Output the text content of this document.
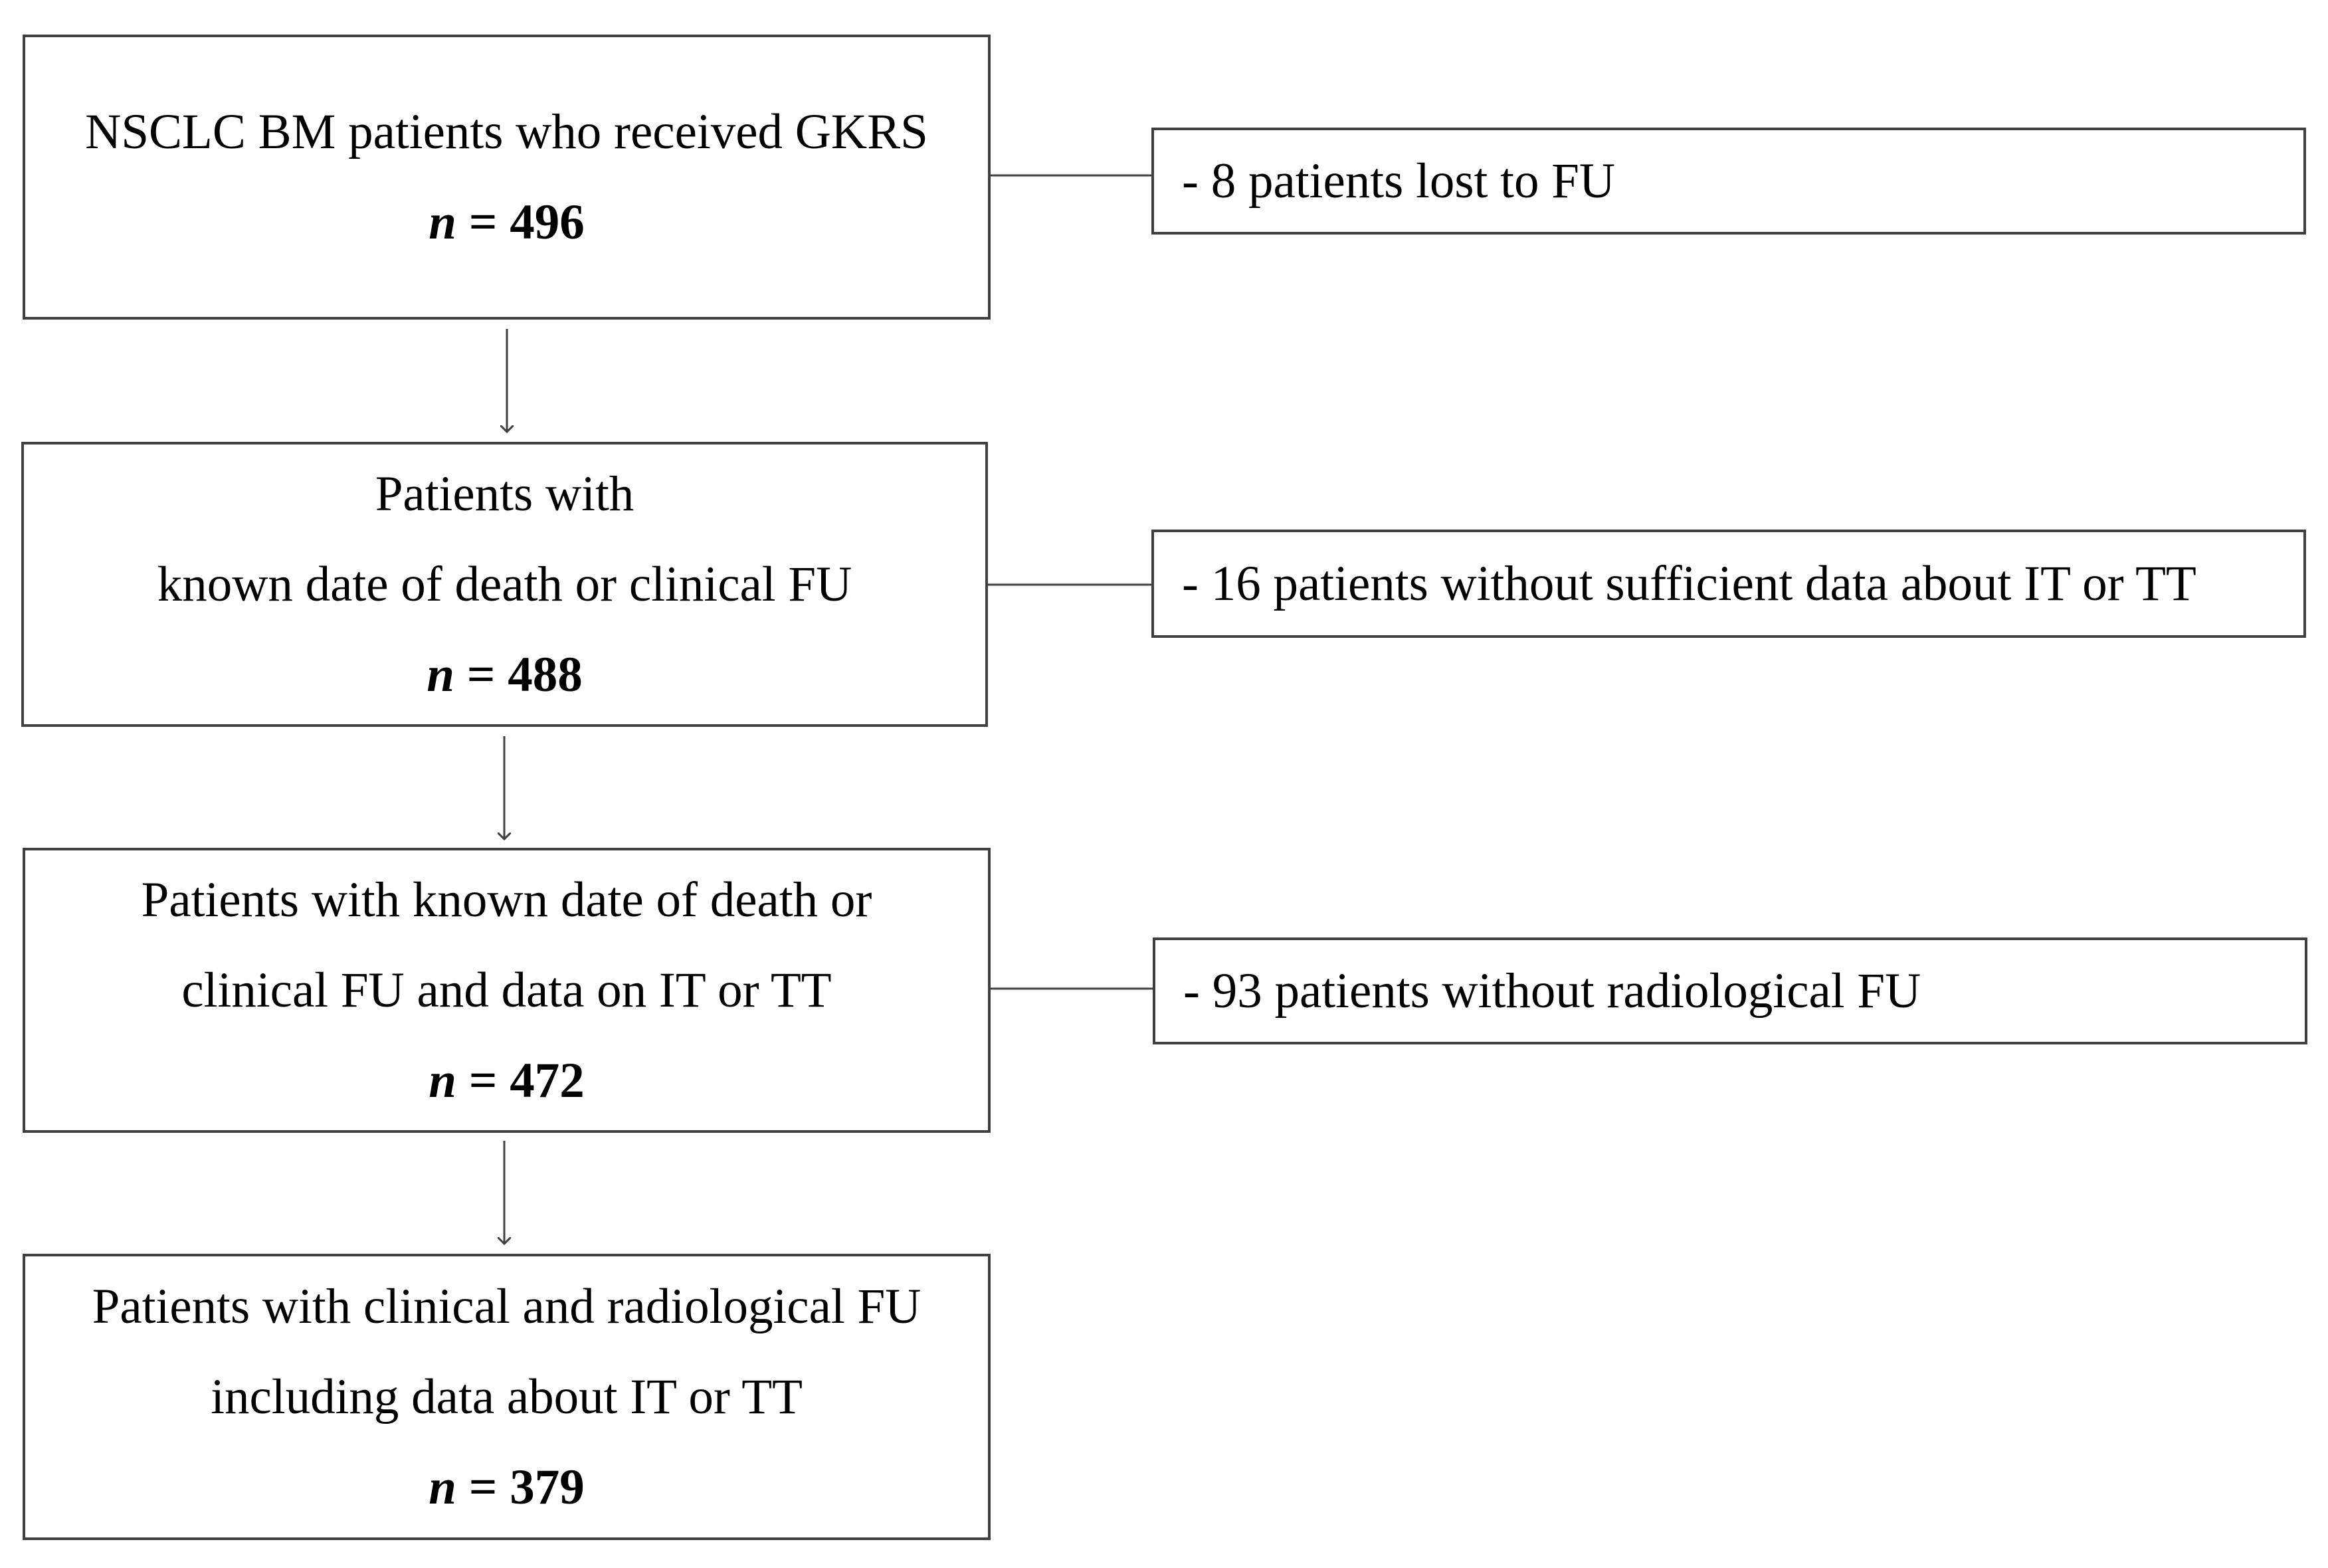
NSCLC BM patients who received GKRS
n = 496
Patients with
known date of death or clinical FU
n = 488
Patients with known date of death or
clinical FU and data on IT or TT
n = 472
Patients with clinical and radiological FU
including data about IT or TT
n = 379
- 8 patients lost to FU
- 16 patients without sufficient data about IT or TT
- 93 patients without radiological FU
